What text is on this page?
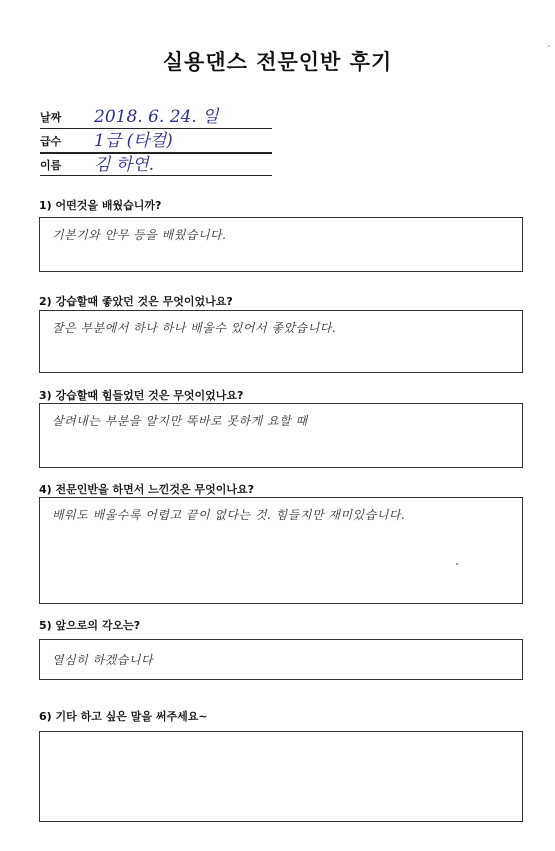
실용댄스 전문인반 후기
날짜 2018. 6. 24. 일
급수 1급 (타컬)
이름 김 하연.
1) 어떤것을 배웠습니까?
기본기와 안무 등을 배웠습니다.
2) 강습할때 좋았던 것은 무엇이었나요?
잘은 부분에서 하나 하나 배울수 있어서 좋았습니다.
3) 강습할때 힘들었던 것은 무엇이었나요?
살려내는 부분을 알지만 똑바로 못하게 요할 때
4) 전문인반을 하면서 느낀것은 무엇이나요?
배워도 배울수록 어렵고 끝이 없다는 것. 힘들지만 재미있습니다.
5) 앞으로의 각오는?
열심히 하겠습니다
6) 기타 하고 싶은 말을 써주세요~
